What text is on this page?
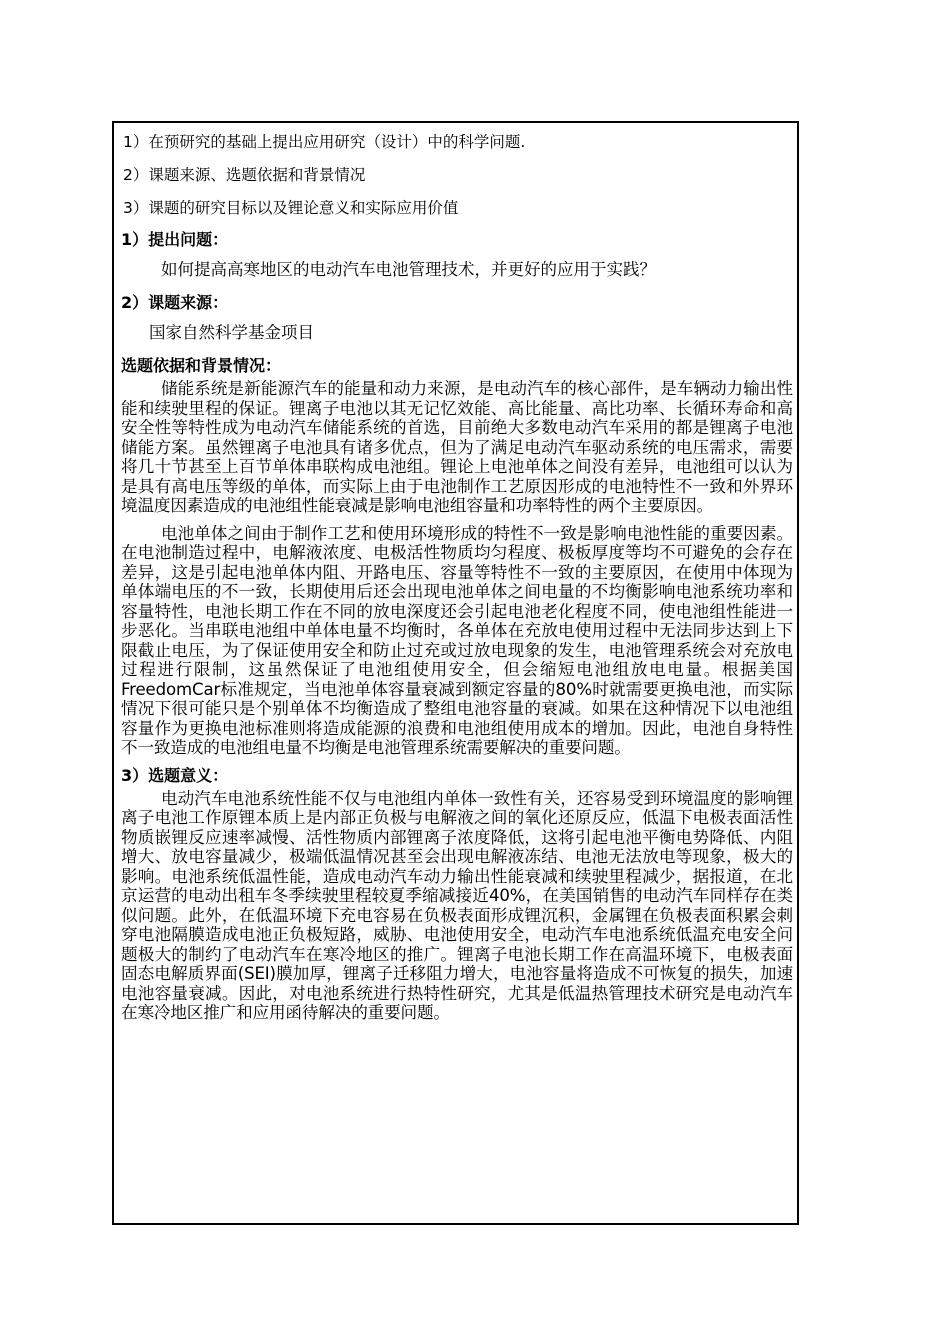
1）在预研究的基础上提出应用研究（设计）中的科学问题.
2）课题来源、选题依据和背景情况
3）课题的研究目标以及锂论意义和实际应用价值
1）提出问题：
如何提高高寒地区的电动汽车电池管理技术，并更好的应用于实践？
2）课题来源：
国家自然科学基金项目
选题依据和背景情况：

储能系统是新能源汽车的能量和动力来源，是电动汽车的核心部件，是车辆动力输出性能和续驶里程的保证。锂离子电池以其无记忆效能、高比能量、高比功率、长循环寿命和高安全性等特性成为电动汽车储能系统的首选，目前绝大多数电动汽车采用的都是锂离子电池储能方案。虽然锂离子电池具有诸多优点，但为了满足电动汽车驱动系统的电压需求，需要将几十节甚至上百节单体串联构成电池组。锂论上电池单体之间没有差异，电池组可以认为是具有高电压等级的单体，而实际上由于电池制作工艺原因形成的电池特性不一致和外界环境温度因素造成的电池组性能衰减是影响电池组容量和功率特性的两个主要原因。

电池单体之间由于制作工艺和使用环境形成的特性不一致是影响电池性能的重要因素。在电池制造过程中，电解液浓度、电极活性物质均匀程度、极板厚度等均不可避免的会存在差异，这是引起电池单体内阻、开路电压、容量等特性不一致的主要原因，在使用中体现为单体端电压的不一致，长期使用后还会出现电池单体之间电量的不均衡影响电池系统功率和容量特性，电池长期工作在不同的放电深度还会引起电池老化程度不同，使电池组性能进一步恶化。当串联电池组中单体电量不均衡时，各单体在充放电使用过程中无法同步达到上下限截止电压，为了保证使用安全和防止过充或过放电现象的发生，电池管理系统会对充放电过程进行限制，这虽然保证了电池组使用安全，但会缩短电池组放电电量。根据美国FreedomCar标准规定，当电池单体容量衰减到额定容量的80%时就需要更换电池，而实际情况下很可能只是个别单体不均衡造成了整组电池容量的衰减。如果在这种情况下以电池组容量作为更换电池标准则将造成能源的浪费和电池组使用成本的增加。因此，电池自身特性不一致造成的电池组电量不均衡是电池管理系统需要解决的重要问题。

3）选题意义：

电动汽车电池系统性能不仅与电池组内单体一致性有关，还容易受到环境温度的影响锂离子电池工作原锂本质上是内部正负极与电解液之间的氧化还原反应，低温下电极表面活性物质嵌锂反应速率减慢、活性物质内部锂离子浓度降低，这将引起电池平衡电势降低、内阻增大、放电容量减少，极端低温情况甚至会出现电解液冻结、电池无法放电等现象，极大的影响。电池系统低温性能，造成电动汽车动力输出性能衰减和续驶里程减少，据报道，在北京运营的电动出租车冬季续驶里程较夏季缩减接近40%，在美国销售的电动汽车同样存在类似问题。此外，在低温环境下充电容易在负极表面形成锂沉积，金属锂在负极表面积累会刺穿电池隔膜造成电池正负极短路，威胁、电池使用安全，电动汽车电池系统低温充电安全问题极大的制约了电动汽车在寒冷地区的推广。锂离子电池长期工作在高温环境下，电极表面固态电解质界面(SEI)膜加厚，锂离子迁移阻力增大，电池容量将造成不可恢复的损失，加速电池容量衰减。因此，对电池系统进行热特性研究，尤其是低温热管理技术研究是电动汽车在寒冷地区推广和应用函待解决的重要问题。
